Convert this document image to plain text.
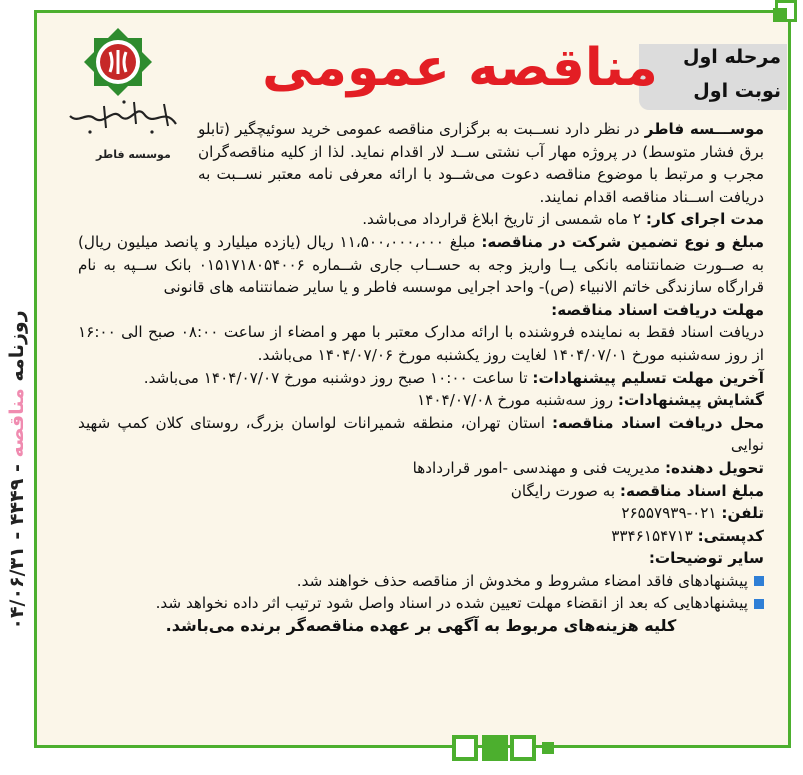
روزنامه مناقصه - ۴۴۴۹ - ۰۴/۰۶/۳۱
مرحله اول
نوبت اول
مناقصه عمومی
موسسه فاطر

موســـسه فاطر در نظر دارد نســبت به برگزاری مناقصه عمومی خرید سوئیچگیر (تابلو برق فشار متوسط) در پروژه مهار آب نشتی ســد لار اقدام نماید. لذا از کلیه مناقصه‌گران مجرب و مرتبط با موضوع مناقصه دعوت می‌شــود با ارائه معرفی نامه معتبر نســبت به دریافت اســناد مناقصه اقدام نمایند.

مدت اجرای کار: ۲ ماه شمسی از تاریخ ابلاغ قرارداد می‌باشد.

مبلغ و نوع تضمین شرکت در مناقصه: مبلغ ۱۱،۵۰۰،۰۰۰،۰۰۰ ریال (یازده میلیارد و پانصد میلیون ریال) به صــورت ضمانتنامه بانکی یــا واریز وجه به حســاب جاری شــماره ۰۱۵۱۷۱۸۰۵۴۰۰۶ بانک ســپه به نام قرارگاه سازندگی خاتم الانبیاء (ص)- واحد اجرایی موسسه فاطر و یا سایر ضمانتنامه های قانونی

مهلت دریافت اسناد مناقصه:

دریافت اسناد فقط به نماینده فروشنده با ارائه مدارک معتبر با مهر و امضاء از ساعت ۰۸:۰۰ صبح الی ۱۶:۰۰ از روز سه‌شنبه مورخ ۱۴۰۴/۰۷/۰۱ لغایت روز یکشنبه مورخ ۱۴۰۴/۰۷/۰۶ می‌باشد.

آخرین مهلت تسلیم پیشنهادات: تا ساعت ۱۰:۰۰ صبح روز دوشنبه مورخ ۱۴۰۴/۰۷/۰۷ می‌باشد.

گشایش پیشنهادات: روز سه‌شنبه مورخ ۱۴۰۴/۰۷/۰۸

محل دریافت اسناد مناقصه: استان تهران، منطقه شمیرانات لواسان بزرگ، روستای کلان کمپ شهید نوایی

تحویل دهنده: مدیریت فنی و مهندسی -امور قراردادها

مبلغ اسناد مناقصه: به صورت رایگان

تلفن: ۰۲۱-۲۶۵۵۷۹۳۹

کدپستی: ۳۳۴۶۱۵۴۷۱۳

سایر توضیحات:

پیشنهادهای فاقد امضاء مشروط و مخدوش از مناقصه حذف خواهند شد.

پیشنهادهایی که بعد از انقضاء مهلت تعیین شده در اسناد واصل شود ترتیب اثر داده نخواهد شد.

کلیه هزینه‌های مربوط به آگهی بر عهده مناقصه‌گر برنده می‌باشد.
